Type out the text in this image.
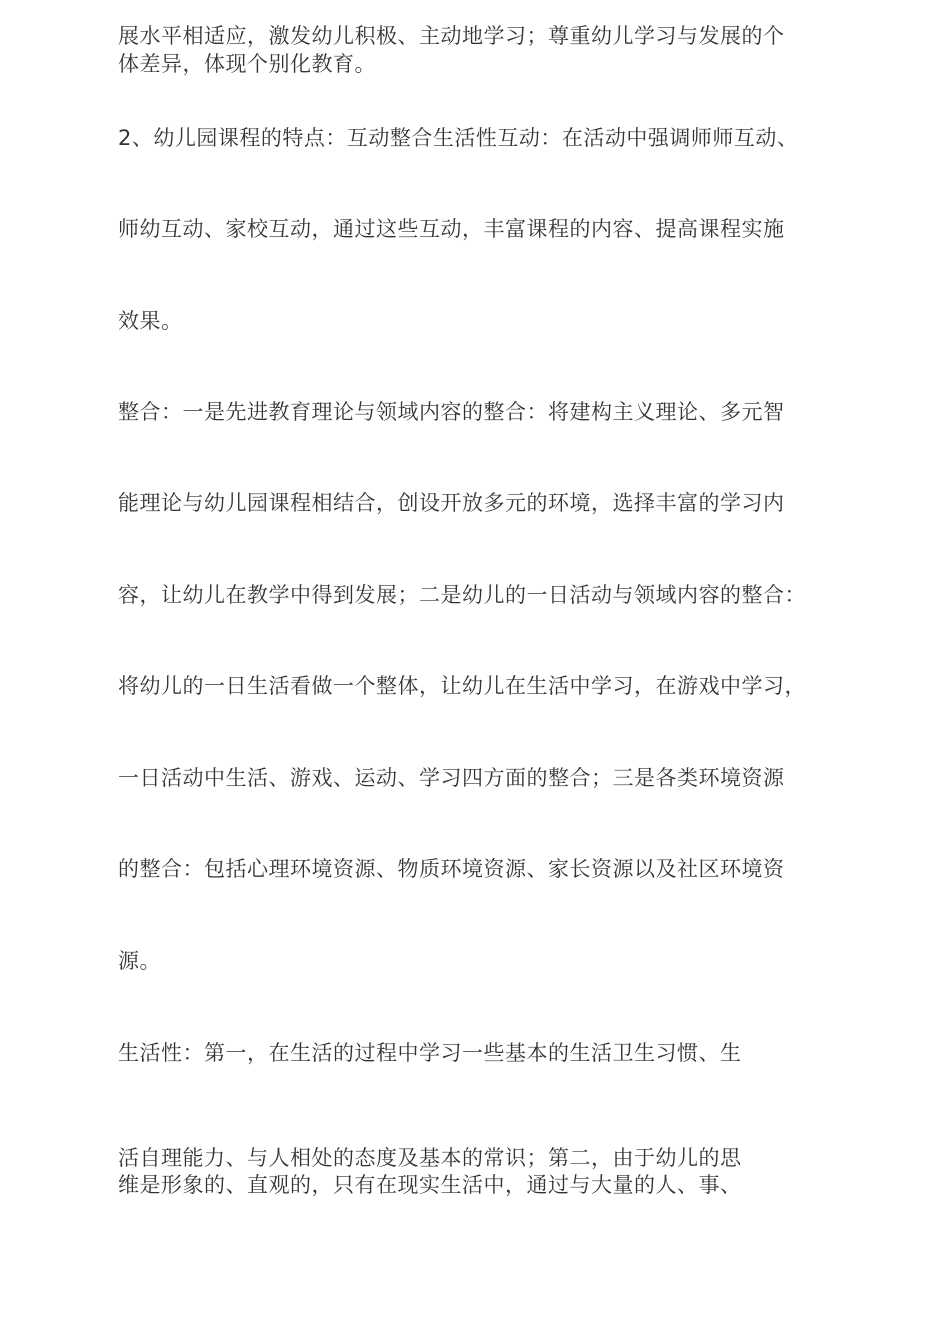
展水平相适应，激发幼儿积极、主动地学习；尊重幼儿学习与发展的个
体差异，体现个别化教育。
2、幼儿园课程的特点：互动整合生活性互动：在活动中强调师师互动、
师幼互动、家校互动，通过这些互动，丰富课程的内容、提高课程实施
效果。
整合：一是先进教育理论与领域内容的整合：将建构主义理论、多元智
能理论与幼儿园课程相结合，创设开放多元的环境，选择丰富的学习内
容，让幼儿在教学中得到发展；二是幼儿的一日活动与领域内容的整合：
将幼儿的一日生活看做一个整体，让幼儿在生活中学习，在游戏中学习，
一日活动中生活、游戏、运动、学习四方面的整合；三是各类环境资源
的整合：包括心理环境资源、物质环境资源、家长资源以及社区环境资
源。
生活性：第一，在生活的过程中学习一些基本的生活卫生习惯、生
活自理能力、与人相处的态度及基本的常识；第二，由于幼儿的思
维是形象的、直观的，只有在现实生活中，通过与大量的人、事、
